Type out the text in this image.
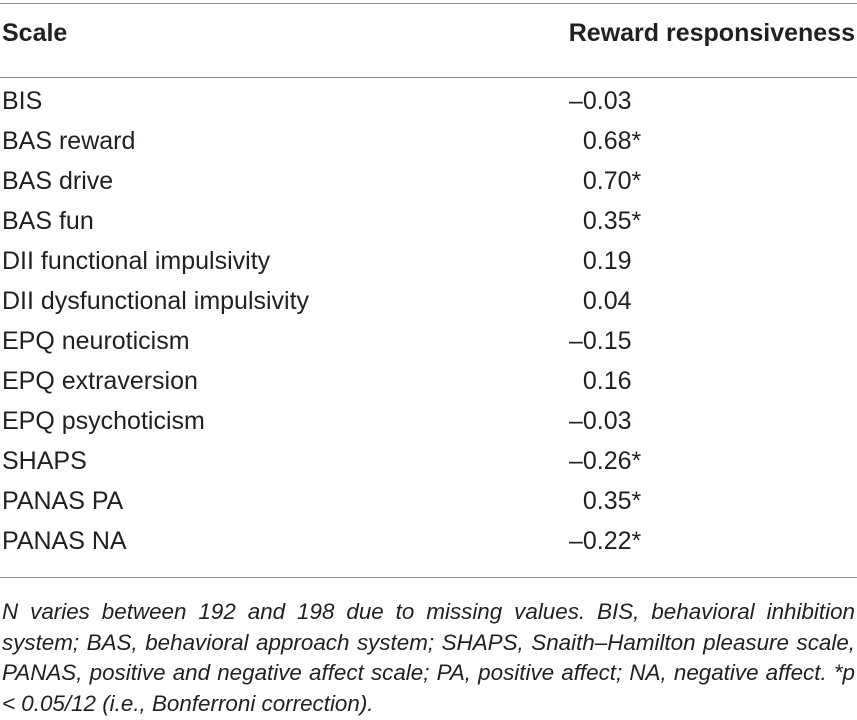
Scale	Reward responsiveness
BIS	–0.03
BAS reward	 0.68*
BAS drive	 0.70*
BAS fun	 0.35*
DII functional impulsivity	 0.19
DII dysfunctional impulsivity	 0.04
EPQ neuroticism	–0.15
EPQ extraversion	 0.16
EPQ psychoticism	–0.03
SHAPS	–0.26*
PANAS PA	 0.35*
PANAS NA	–0.22*
N varies between 192 and 198 due to missing values. BIS, behavioral inhibition system; BAS, behavioral approach system; SHAPS, Snaith–Hamilton pleasure scale, PANAS, positive and negative affect scale; PA, positive affect; NA, negative affect. *p < 0.05/12 (i.e., Bonferroni correction).
